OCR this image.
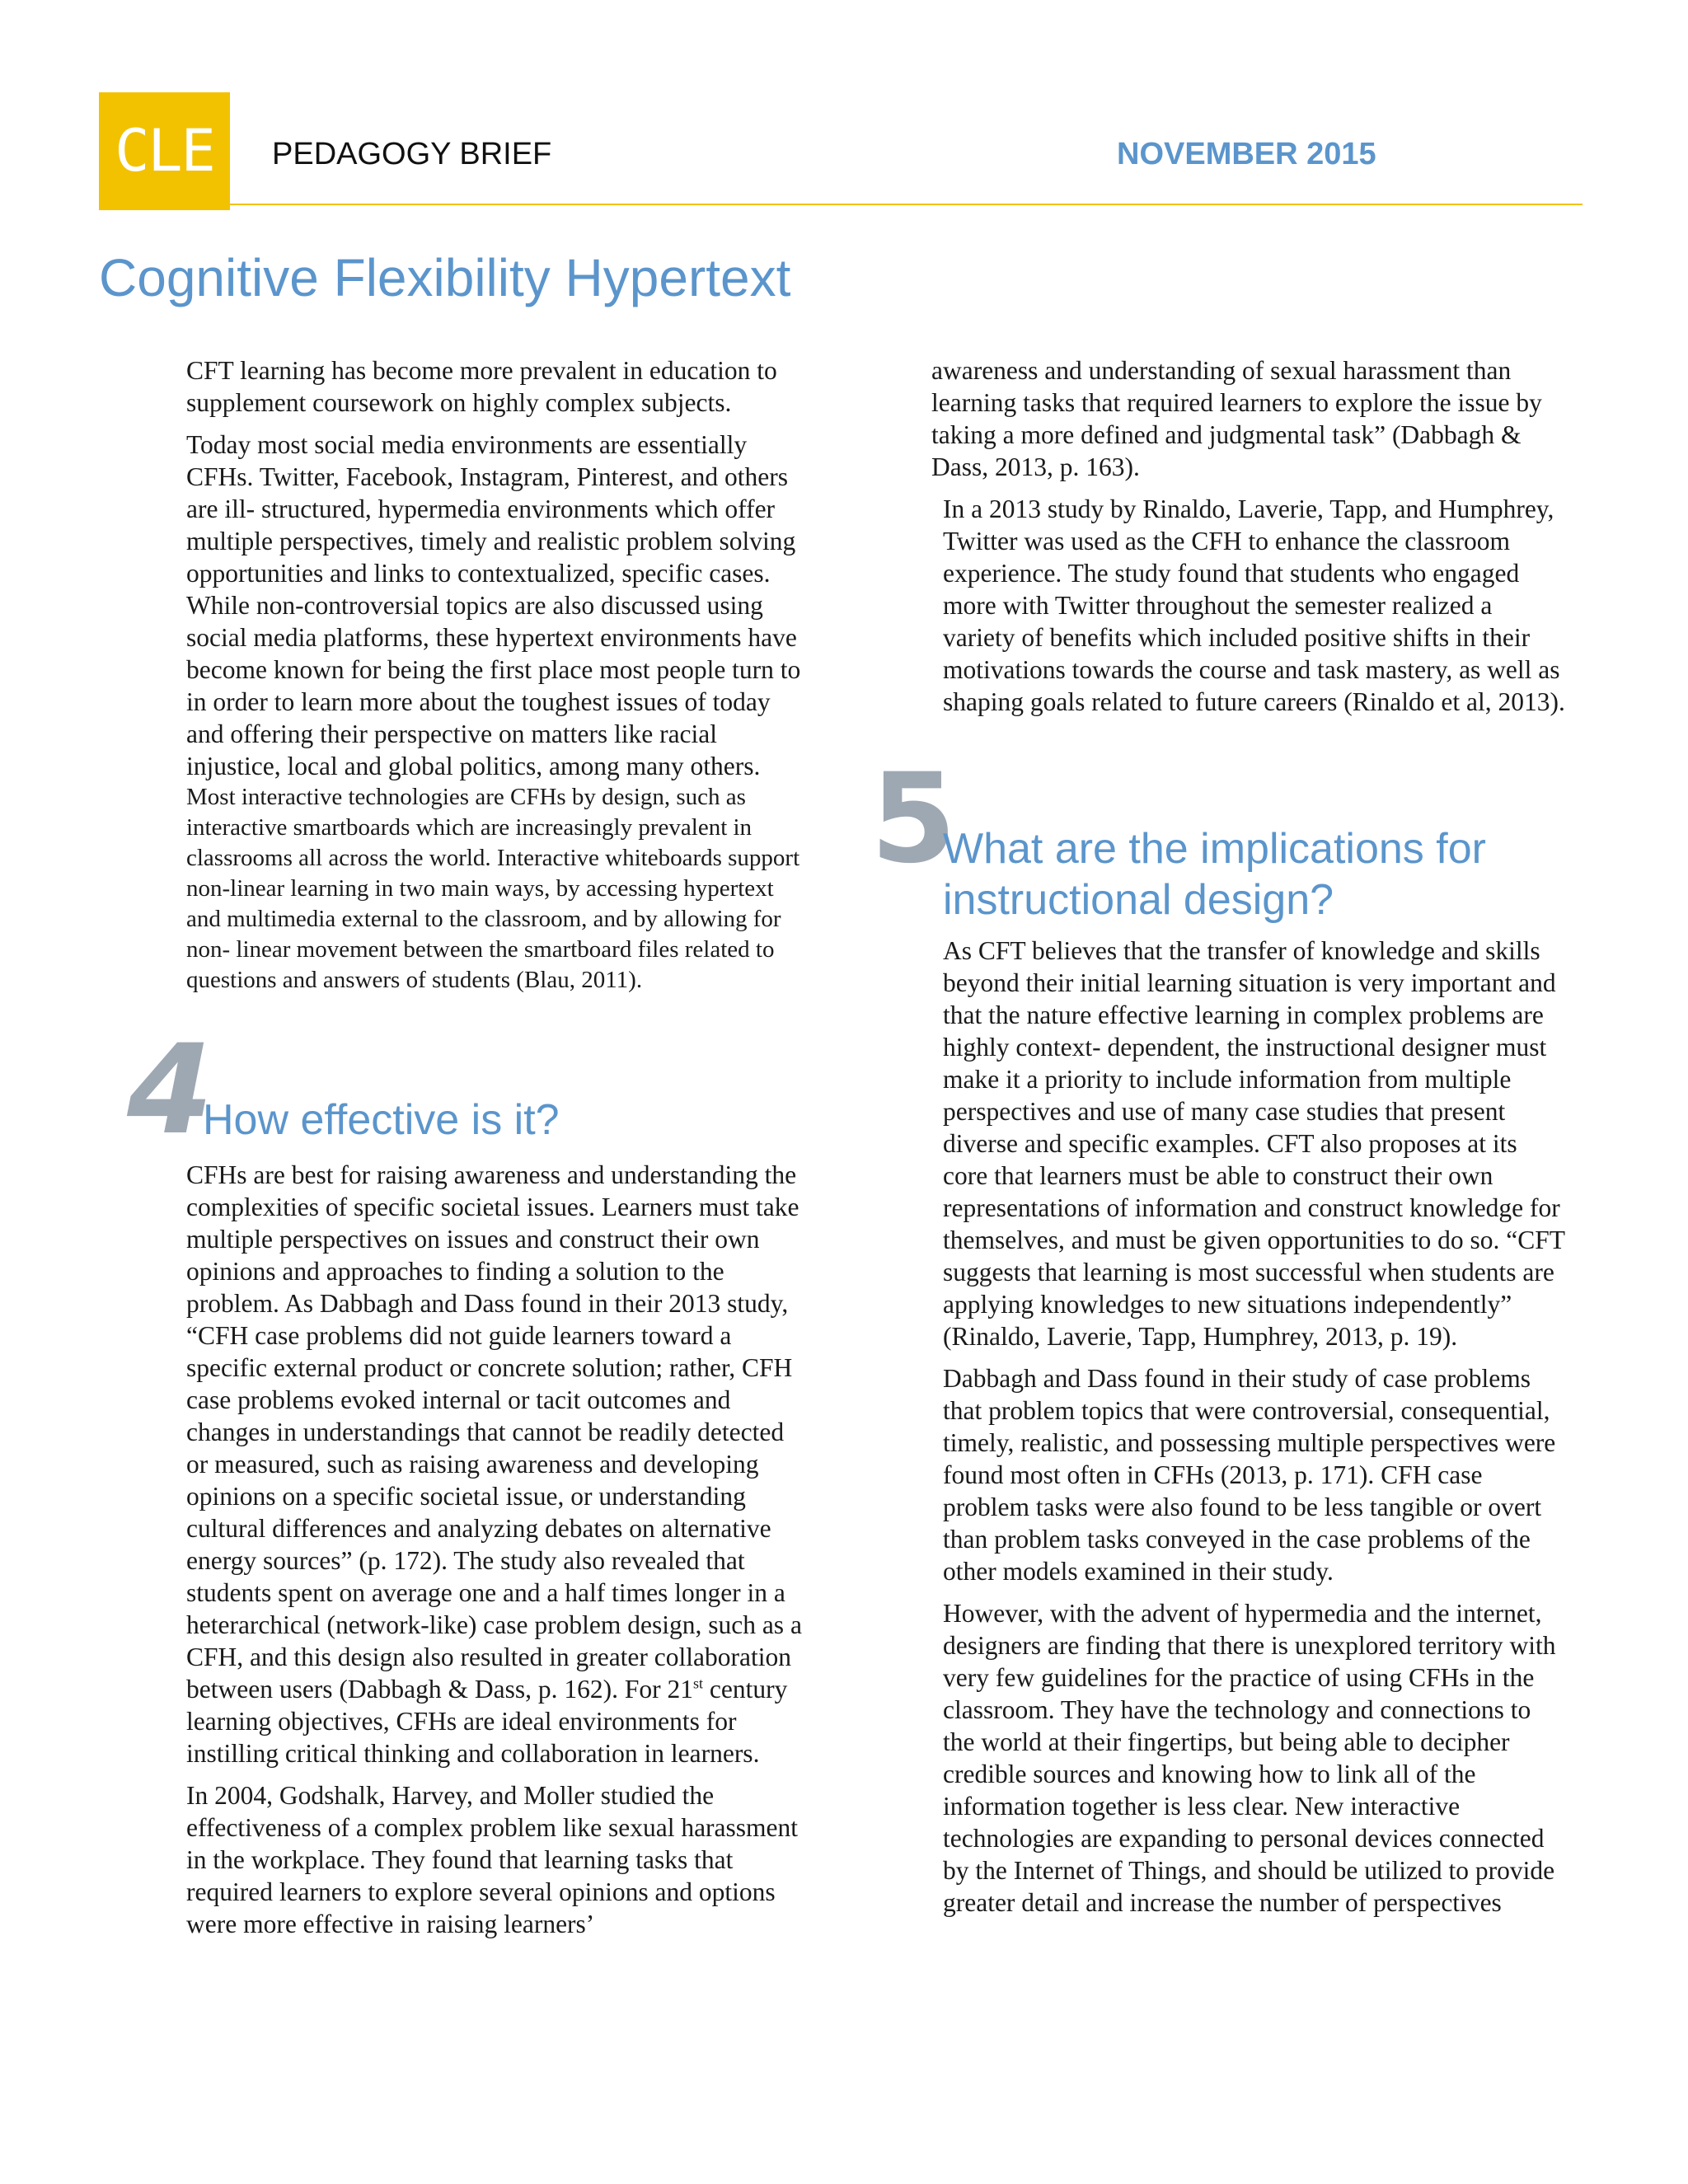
CLE	PEDAGOGY BRIEF	NOVEMBER 2015
Cognitive Flexibility Hypertext

CFT learning has become more prevalent in education to supplement coursework on highly complex subjects.

Today most social media environments are essentially CFHs. Twitter, Facebook, Instagram, Pinterest, and others are ill- structured, hypermedia environments which offer multiple perspectives, timely and realistic problem solving opportunities and links to contextualized, specific cases. While non-controversial topics are also discussed using social media platforms, these hypertext environments have become known for being the first place most people turn to in order to learn more about the toughest issues of today and offering their perspective on matters like racial injustice, local and global politics, among many others.

Most interactive technologies are CFHs by design, such as interactive smartboards which are increasingly prevalent in classrooms all across the world. Interactive whiteboards support non-linear learning in two main ways, by accessing hypertext and multimedia external to the classroom, and by allowing for non- linear movement between the smartboard files related to questions and answers of students (Blau, 2011).

4
How effective is it?

CFHs are best for raising awareness and understanding the complexities of specific societal issues. Learners must take multiple perspectives on issues and construct their own opinions and approaches to finding a solution to the problem. As Dabbagh and Dass found in their 2013 study, “CFH case problems did not guide learners toward a specific external product or concrete solution; rather, CFH case problems evoked internal or tacit outcomes and changes in understandings that cannot be readily detected or measured, such as raising awareness and developing opinions on a specific societal issue, or understanding cultural differences and analyzing debates on alternative energy sources” (p. 172). The study also revealed that students spent on average one and a half times longer in a heterarchical (network-like) case problem design, such as a CFH, and this design also resulted in greater collaboration between users (Dabbagh & Dass, p. 162). For 21st century learning objectives, CFHs are ideal environments for instilling critical thinking and collaboration in learners.

In 2004, Godshalk, Harvey, and Moller studied the effectiveness of a complex problem like sexual harassment in the workplace. They found that learning tasks that required learners to explore several opinions and options were more effective in raising learners’

awareness and understanding of sexual harassment than learning tasks that required learners to explore the issue by taking a more defined and judgmental task” (Dabbagh & Dass, 2013, p. 163).

In a 2013 study by Rinaldo, Laverie, Tapp, and Humphrey, Twitter was used as the CFH to enhance the classroom experience. The study found that students who engaged more with Twitter throughout the semester realized a variety of benefits which included positive shifts in their motivations towards the course and task mastery, as well as shaping goals related to future careers (Rinaldo et al, 2013).

5
What are the implications for instructional design?

As CFT believes that the transfer of knowledge and skills beyond their initial learning situation is very important and that the nature effective learning in complex problems are highly context- dependent, the instructional designer must make it a priority to include information from multiple perspectives and use of many case studies that present diverse and specific examples. CFT also proposes at its core that learners must be able to construct their own representations of information and construct knowledge for themselves, and must be given opportunities to do so. “CFT suggests that learning is most successful when students are applying knowledges to new situations independently” (Rinaldo, Laverie, Tapp, Humphrey, 2013, p. 19).

Dabbagh and Dass found in their study of case problems that problem topics that were controversial, consequential, timely, realistic, and possessing multiple perspectives were found most often in CFHs (2013, p. 171). CFH case problem tasks were also found to be less tangible or overt than problem tasks conveyed in the case problems of the other models examined in their study.

However, with the advent of hypermedia and the internet, designers are finding that there is unexplored territory with very few guidelines for the practice of using CFHs in the classroom. They have the technology and connections to the world at their fingertips, but being able to decipher credible sources and knowing how to link all of the information together is less clear. New interactive technologies are expanding to personal devices connected by the Internet of Things, and should be utilized to provide greater detail and increase the number of perspectives
